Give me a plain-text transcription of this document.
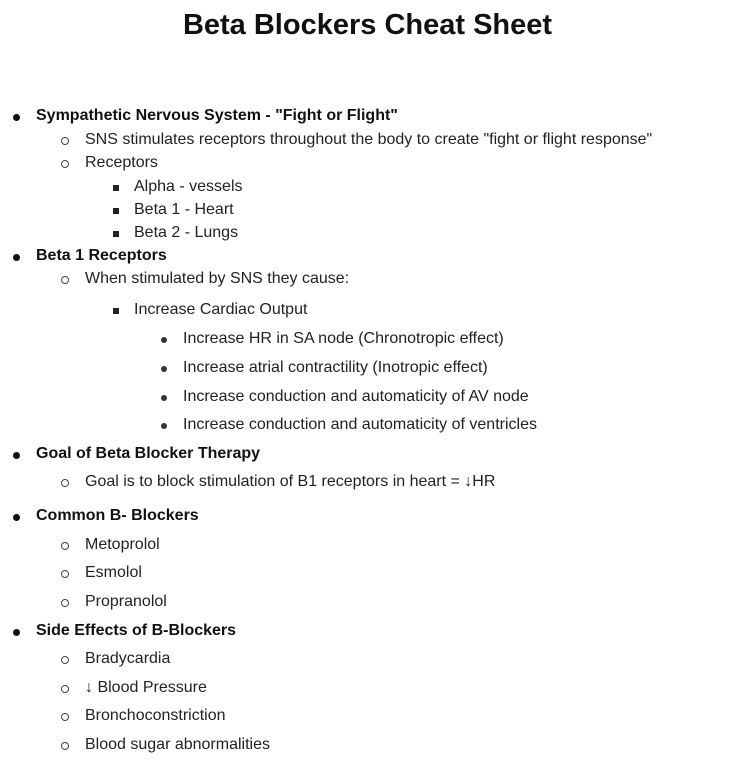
Beta Blockers Cheat Sheet
Sympathetic Nervous System - "Fight or Flight"
SNS stimulates receptors throughout the body to create "fight or flight response"
Receptors
Alpha - vessels
Beta 1 - Heart
Beta 2 - Lungs
Beta 1 Receptors
When stimulated by SNS they cause:
Increase Cardiac Output
Increase HR in SA node (Chronotropic effect)
Increase atrial contractility (Inotropic effect)
Increase conduction and automaticity of AV node
Increase conduction and automaticity of ventricles
Goal of Beta Blocker Therapy
Goal is to block stimulation of B1 receptors in heart = ↓HR
Common B- Blockers
Metoprolol
Esmolol
Propranolol
Side Effects of B-Blockers
Bradycardia
↓ Blood Pressure
Bronchoconstriction
Blood sugar abnormalities
